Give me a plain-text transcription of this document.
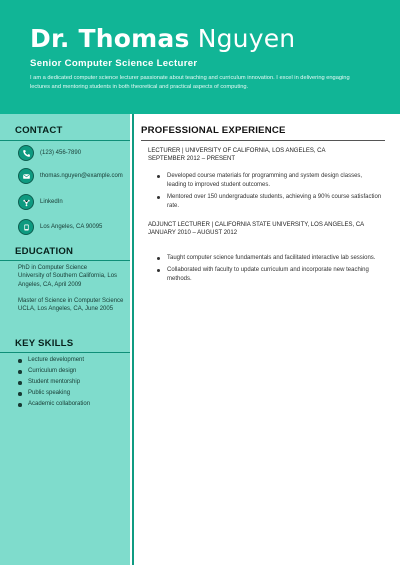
Dr. Thomas Nguyen
Senior Computer Science Lecturer
I am a dedicated computer science lecturer passionate about teaching and curriculum innovation. I excel in delivering engaging lectures and mentoring students in both theoretical and practical aspects of computing.
CONTACT
(123) 456-7890
thomas.nguyen@example.com
LinkedIn
Los Angeles, CA 90095
EDUCATION
PhD in Computer Science
University of Southern California, Los Angeles, CA, April 2009
Master of Science in Computer Science
UCLA, Los Angeles, CA, June 2005
KEY SKILLS
Lecture development
Curriculum design
Student mentorship
Public speaking
Academic collaboration
PROFESSIONAL EXPERIENCE
LECTURER | UNIVERSITY OF CALIFORNIA, LOS ANGELES, CA
SEPTEMBER 2012 – PRESENT
Developed course materials for programming and system design classes, leading to improved student outcomes.
Mentored over 150 undergraduate students, achieving a 90% course satisfaction rate.
ADJUNCT LECTURER | CALIFORNIA STATE UNIVERSITY, LOS ANGELES, CA
JANUARY 2010 – AUGUST 2012
Taught computer science fundamentals and facilitated interactive lab sessions.
Collaborated with faculty to update curriculum and incorporate new teaching methods.
